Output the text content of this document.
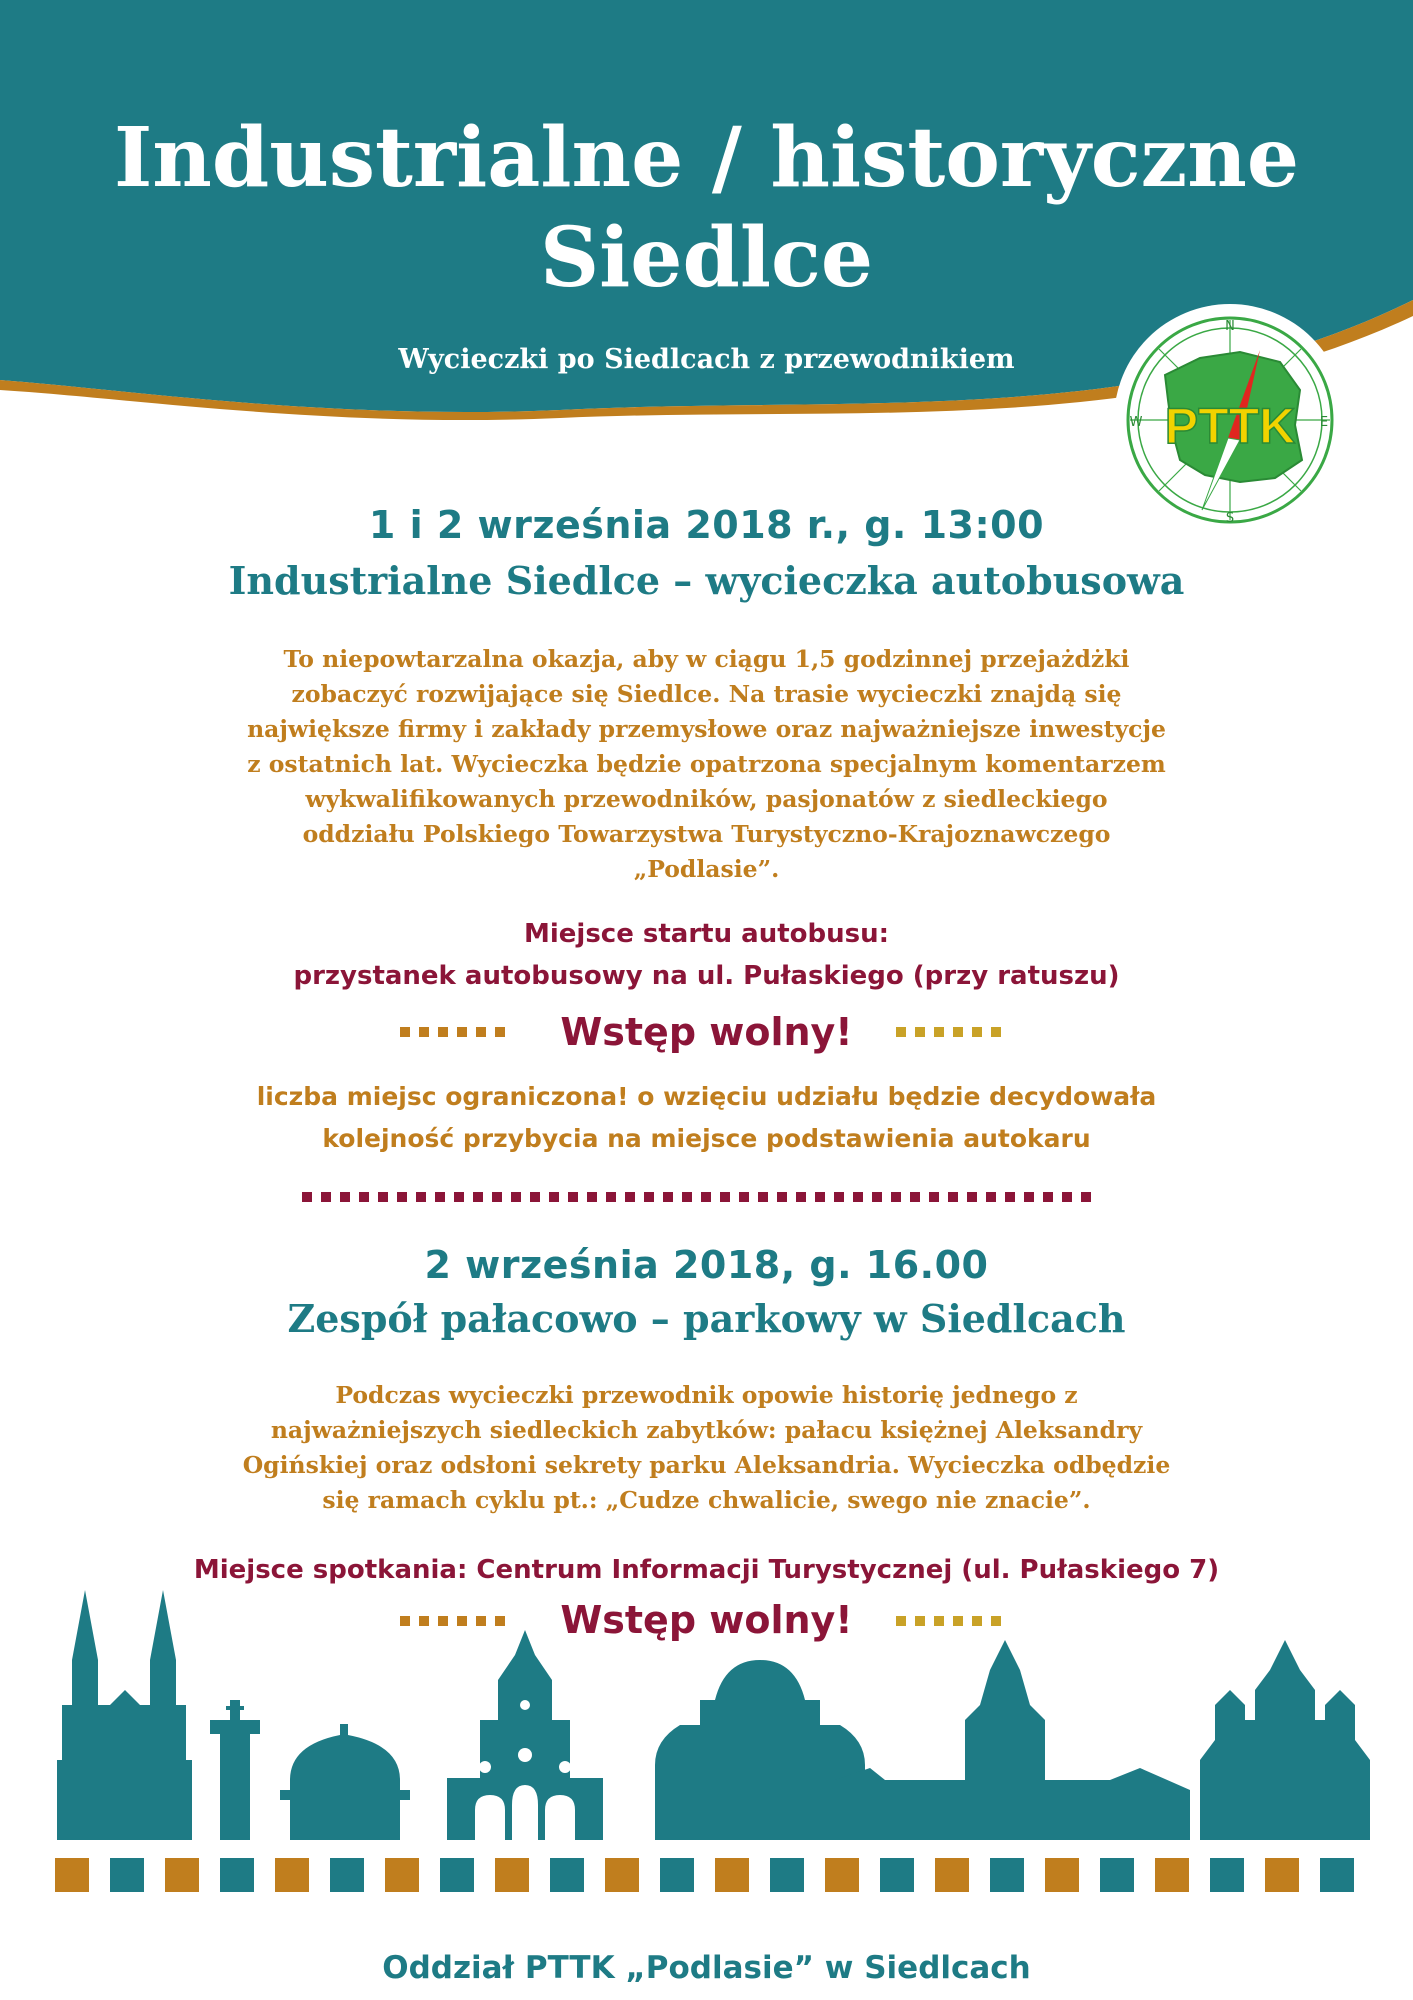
Industrialne / historyczne
Siedlce
Wycieczki po Siedlcach z przewodnikiem
PTTK
N
E
S
W
1 i 2 września 2018 r., g. 13:00
Industrialne Siedlce – wycieczka autobusowa
To niepowtarzalna okazja, aby w ciągu 1,5 godzinnej przejażdżki
zobaczyć rozwijające się Siedlce. Na trasie wycieczki znajdą się
największe firmy i zakłady przemysłowe oraz najważniejsze inwestycje
z ostatnich lat. Wycieczka będzie opatrzona specjalnym komentarzem
wykwalifikowanych przewodników, pasjonatów z siedleckiego
oddziału Polskiego Towarzystwa Turystyczno-Krajoznawczego
„Podlasie”.
Miejsce startu autobusu:
przystanek autobusowy na ul. Pułaskiego (przy ratuszu)
Wstęp wolny!
liczba miejsc ograniczona! o wzięciu udziału będzie decydowała
kolejność przybycia na miejsce podstawienia autokaru
2 września 2018, g. 16.00
Zespół pałacowo – parkowy w Siedlcach
Podczas wycieczki przewodnik opowie historię jednego z
najważniejszych siedleckich zabytków: pałacu księżnej Aleksandry
Ogińskiej oraz odsłoni sekrety parku Aleksandria. Wycieczka odbędzie
się ramach cyklu pt.: „Cudze chwalicie, swego nie znacie”.
Miejsce spotkania: Centrum Informacji Turystycznej (ul. Pułaskiego 7)
Wstęp wolny!
Oddział PTTK „Podlasie” w Siedlcach
